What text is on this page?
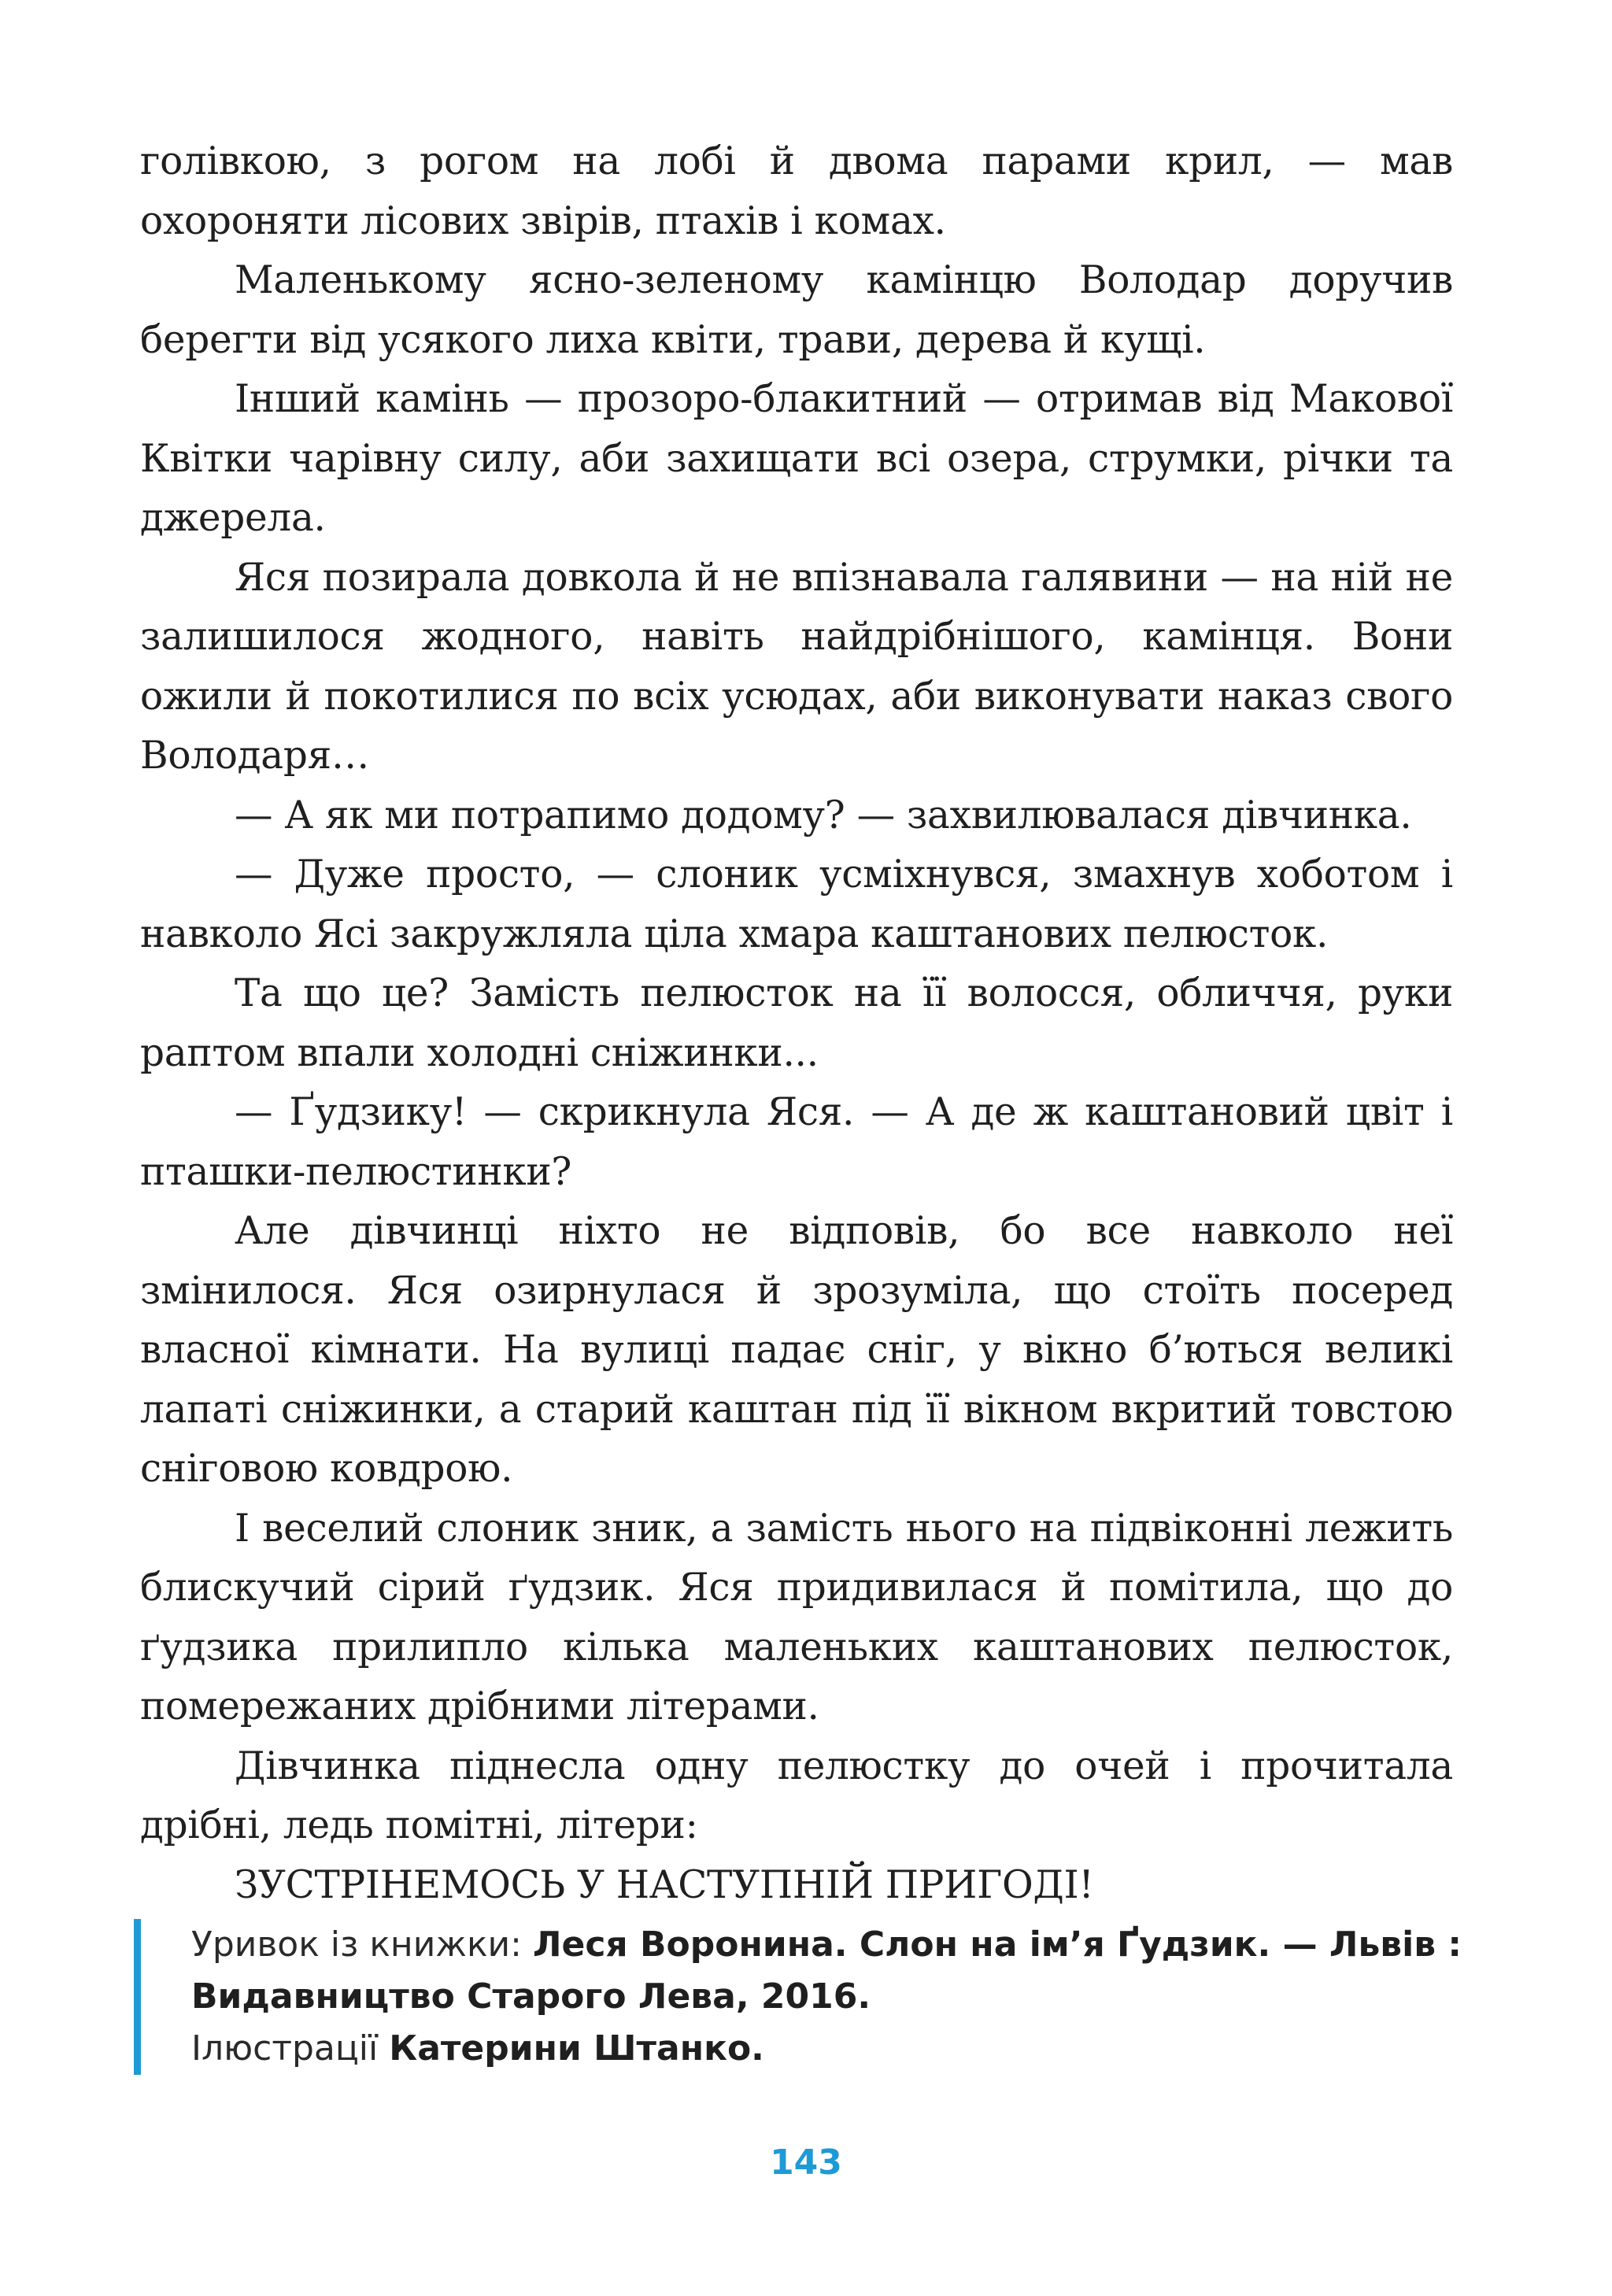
голівкою, з рогом на лобі й двома парами крил, — мав охороняти лісових звірів, птахів і комах.

Маленькому ясно-зеленому камінцю Володар доручив берегти від усякого лиха квіти, трави, дерева й кущі.

Інший камінь — прозоро-блакитний — отримав від Макової Квітки чарівну силу, аби захищати всі озера, струмки, річки та джерела.

Яся позирала довкола й не впізнавала галявини — на ній не залишилося жодного, навіть найдрібнішого, камінця. Вони ожили й покотилися по всіх усюдах, аби виконувати наказ свого Володаря…

— А як ми потрапимо додому? — захвилювалася дівчинка.

— Дуже просто, — слоник усміхнувся, змахнув хоботом і навколо Ясі закружляла ціла хмара каштанових пелюсток.

Та що це? Замість пелюсток на її волосся, обличчя, руки раптом впали холодні сніжинки...

— Ґудзику! — скрикнула Яся. — А де ж каштановий цвіт і пташки-пелюстинки?

Але дівчинці ніхто не відповів, бо все навколо неї змінилося. Яся озирнулася й зрозуміла, що стоїть посеред власної кімнати. На вулиці падає сніг, у вікно б’ються великі лапаті сніжинки, а старий каштан під її вікном вкритий товстою сніговою ковдрою.

І веселий слоник зник, а замість нього на підвіконні лежить блискучий сірий ґудзик. Яся придивилася й помітила, що до ґудзика прилипло кілька маленьких каштанових пелюсток, помережаних дрібними літерами.

Дівчинка піднесла одну пелюстку до очей і прочитала дрібні, ледь помітні, літери:

ЗУСТРІНЕМОСЬ У НАСТУПНІЙ ПРИГОДІ!

Уривок із книжки: Леся Воронина. Слон на ім’я Ґудзик. — Львів :
Видавництво Старого Лева, 2016.
Ілюстрації Катерини Штанко.
143
